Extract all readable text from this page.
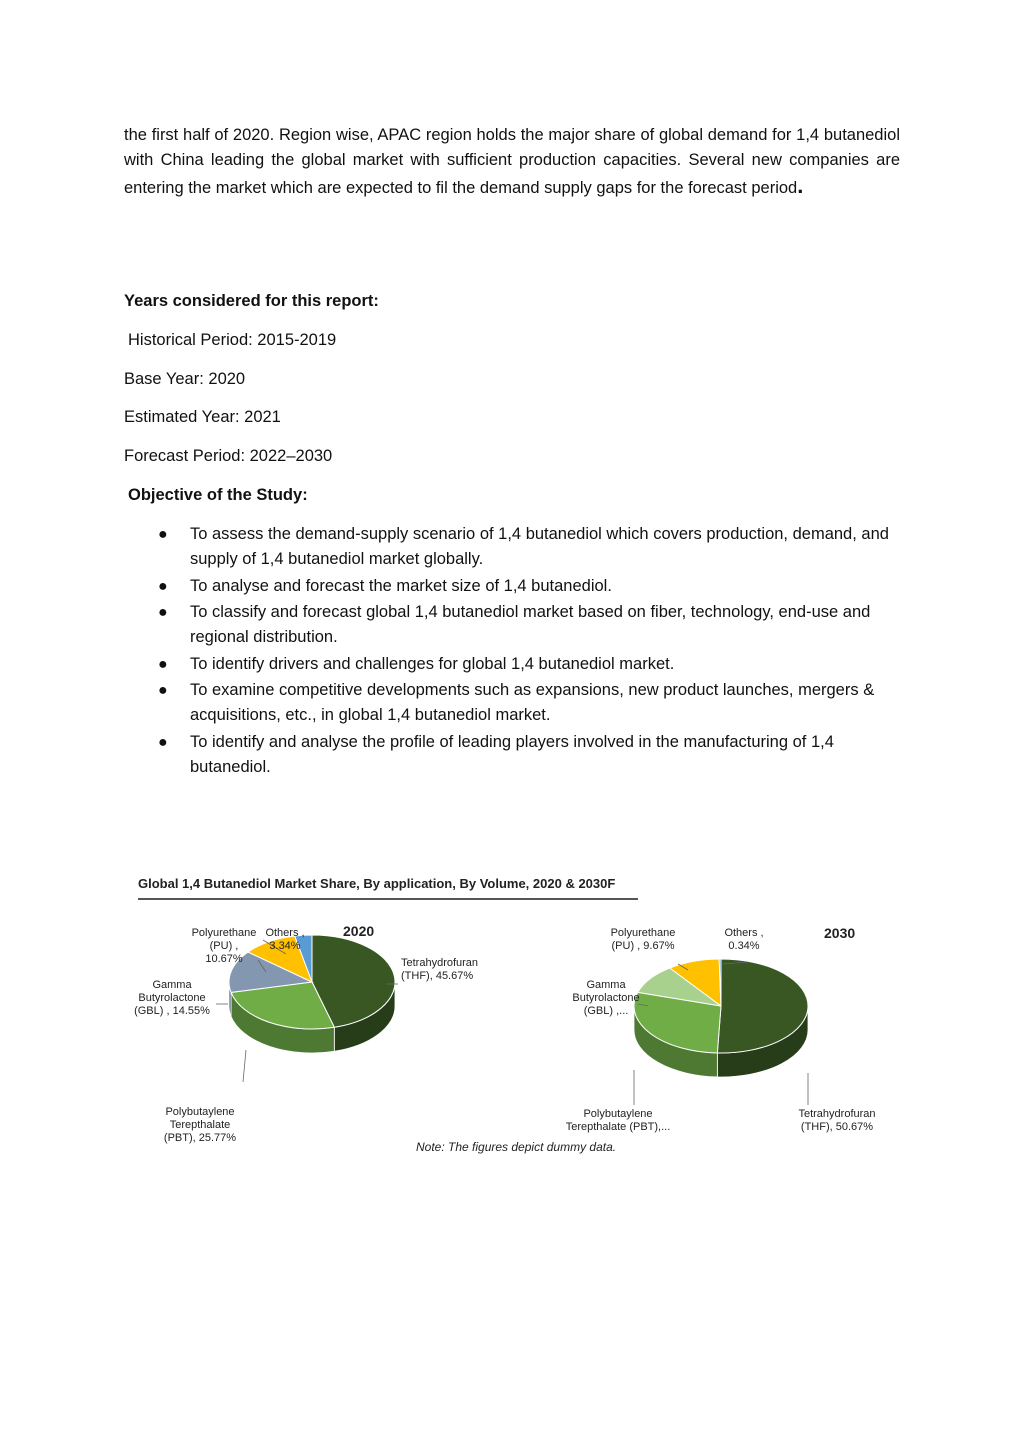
the first half of 2020. Region wise, APAC region holds the major share of global demand for 1,4 butanediol with China leading the global market with sufficient production capacities. Several new companies are entering the market which are expected to fil the demand supply gaps for the forecast period.

Years considered for this report:

Historical Period: 2015-2019

Base Year: 2020

Estimated Year: 2021

Forecast Period: 2022–2030

Objective of the Study:

● To assess the demand-supply scenario of 1,4 butanediol which covers production, demand, and supply of 1,4 butanediol market globally.
● To analyse and forecast the market size of 1,4 butanediol.
● To classify and forecast global 1,4 butanediol market based on fiber, technology, end-use and regional distribution.
● To identify drivers and challenges for global 1,4 butanediol market.
● To examine competitive developments such as expansions, new product launches, mergers & acquisitions, etc., in global 1,4 butanediol market.
● To identify and analyse the profile of leading players involved in the manufacturing of 1,4 butanediol.
Global 1,4 Butanediol Market Share, By application, By Volume, 2020 & 2030F
2020
Tetrahydrofuran
(THF), 45.67%
Polybutaylene
Terepthalate
(PBT), 25.77%
Gamma
Butyrolactone
(GBL) , 14.55%
Polyurethane
(PU) ,
10.67%
Others ,
3.34%
2030
Tetrahydrofuran
(THF), 50.67%
Polybutaylene
Terepthalate (PBT),...
Gamma
Butyrolactone
(GBL) ,...
Polyurethane
(PU) , 9.67%
Others ,
0.34%
Note: The figures depict dummy data.
